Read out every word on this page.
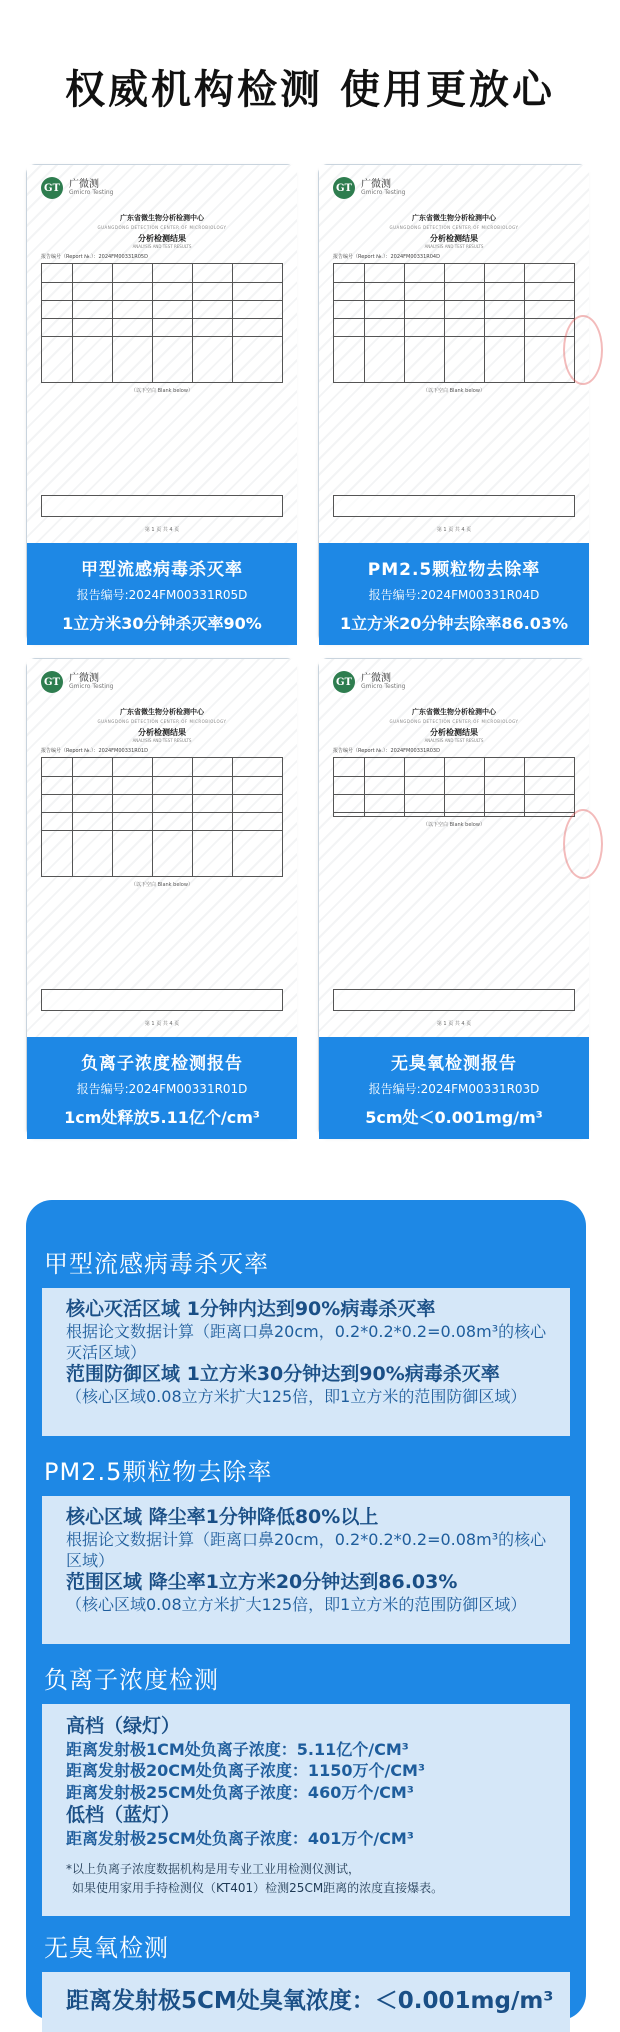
权威机构检测 使用更放心
GT 广微测
Gmicro Testing
广东省微生物分析检测中心
GUANGDONG DETECTION CENTER OF MICROBIOLOGY
分析检测结果
ANALYSIS AND TEST RESULTS
报告编号（Report №.）：2024FM00331R05D
（以下空白 Blank below）
第 1 页 共 4 页
甲型流感病毒杀灭率
报告编号:2024FM00331R05D
1立方米30分钟杀灭率90%
GT 广微测
Gmicro Testing
广东省微生物分析检测中心
GUANGDONG DETECTION CENTER OF MICROBIOLOGY
分析检测结果
ANALYSIS AND TEST RESULTS
报告编号（Report №.）：2024FM00331R04D
（以下空白 Blank below）
第 1 页 共 4 页
PM2.5颗粒物去除率
报告编号:2024FM00331R04D
1立方米20分钟去除率86.03%
GT 广微测
Gmicro Testing
广东省微生物分析检测中心
GUANGDONG DETECTION CENTER OF MICROBIOLOGY
分析检测结果
ANALYSIS AND TEST RESULTS
报告编号（Report №.）：2024FM00331R01D
（以下空白 Blank below）
第 1 页 共 4 页
负离子浓度检测报告
报告编号:2024FM00331R01D
1cm处释放5.11亿个/cm³
GT 广微测
Gmicro Testing
广东省微生物分析检测中心
GUANGDONG DETECTION CENTER OF MICROBIOLOGY
分析检测结果
ANALYSIS AND TEST RESULTS
报告编号（Report №.）：2024FM00331R03D
（以下空白 Blank below）
第 1 页 共 4 页
无臭氧检测报告
报告编号:2024FM00331R03D
5cm处＜0.001mg/m³
甲型流感病毒杀灭率
核心灭活区域 1分钟内达到90%病毒杀灭率
根据论文数据计算（距离口鼻20cm，0.2*0.2*0.2=0.08m³的核心灭活区域）
范围防御区域 1立方米30分钟达到90%病毒杀灭率
（核心区域0.08立方米扩大125倍，即1立方米的范围防御区域）
PM2.5颗粒物去除率
核心区域 降尘率1分钟降低80%以上
根据论文数据计算（距离口鼻20cm，0.2*0.2*0.2=0.08m³的核心区域）
范围区域 降尘率1立方米20分钟达到86.03%
（核心区域0.08立方米扩大125倍，即1立方米的范围防御区域）
负离子浓度检测
高档（绿灯）
距离发射极1CM处负离子浓度：5.11亿个/CM³
距离发射极20CM处负离子浓度：1150万个/CM³
距离发射极25CM处负离子浓度：460万个/CM³
低档（蓝灯）
距离发射极25CM处负离子浓度：401万个/CM³
*以上负离子浓度数据机构是用专业工业用检测仪测试，
如果使用家用手持检测仪（KT401）检测25CM距离的浓度直接爆表。
无臭氧检测
距离发射极5CM处臭氧浓度：＜0.001mg/m³
